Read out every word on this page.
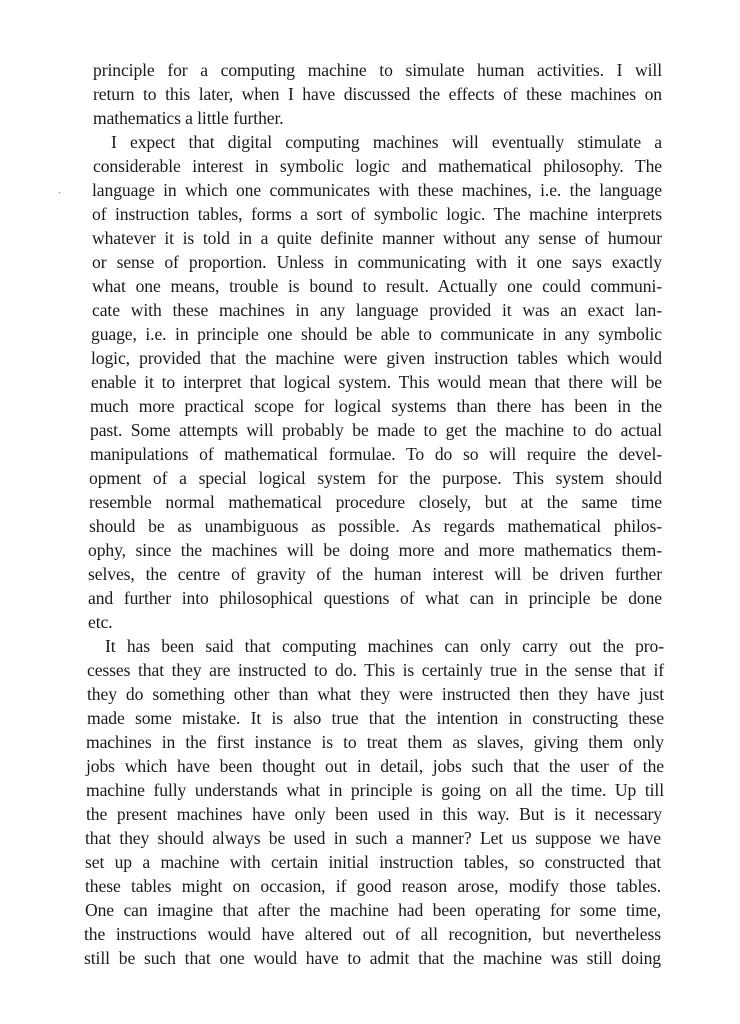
ˏ
principle for a computing machine to simulate human activities. I will
return to this later, when I have discussed the effects of these machines on
mathematics a little further.
I expect that digital computing machines will eventually stimulate a
considerable interest in symbolic logic and mathematical philosophy. The
language in which one communicates with these machines, i.e. the language
of instruction tables, forms a sort of symbolic logic. The machine interprets
whatever it is told in a quite definite manner without any sense of humour
or sense of proportion. Unless in communicating with it one says exactly
what one means, trouble is bound to result. Actually one could communi-
cate with these machines in any language provided it was an exact lan-
guage, i.e. in principle one should be able to communicate in any symbolic
logic, provided that the machine were given instruction tables which would
enable it to interpret that logical system. This would mean that there will be
much more practical scope for logical systems than there has been in the
past. Some attempts will probably be made to get the machine to do actual
manipulations of mathematical formulae. To do so will require the devel-
opment of a special logical system for the purpose. This system should
resemble normal mathematical procedure closely, but at the same time
should be as unambiguous as possible. As regards mathematical philos-
ophy, since the machines will be doing more and more mathematics them-
selves, the centre of gravity of the human interest will be driven further
and further into philosophical questions of what can in principle be done
etc.
It has been said that computing machines can only carry out the pro-
cesses that they are instructed to do. This is certainly true in the sense that if
they do something other than what they were instructed then they have just
made some mistake. It is also true that the intention in constructing these
machines in the first instance is to treat them as slaves, giving them only
jobs which have been thought out in detail, jobs such that the user of the
machine fully understands what in principle is going on all the time. Up till
the present machines have only been used in this way. But is it necessary
that they should always be used in such a manner? Let us suppose we have
set up a machine with certain initial instruction tables, so constructed that
these tables might on occasion, if good reason arose, modify those tables.
One can imagine that after the machine had been operating for some time,
the instructions would have altered out of all recognition, but nevertheless
still be such that one would have to admit that the machine was still doing
